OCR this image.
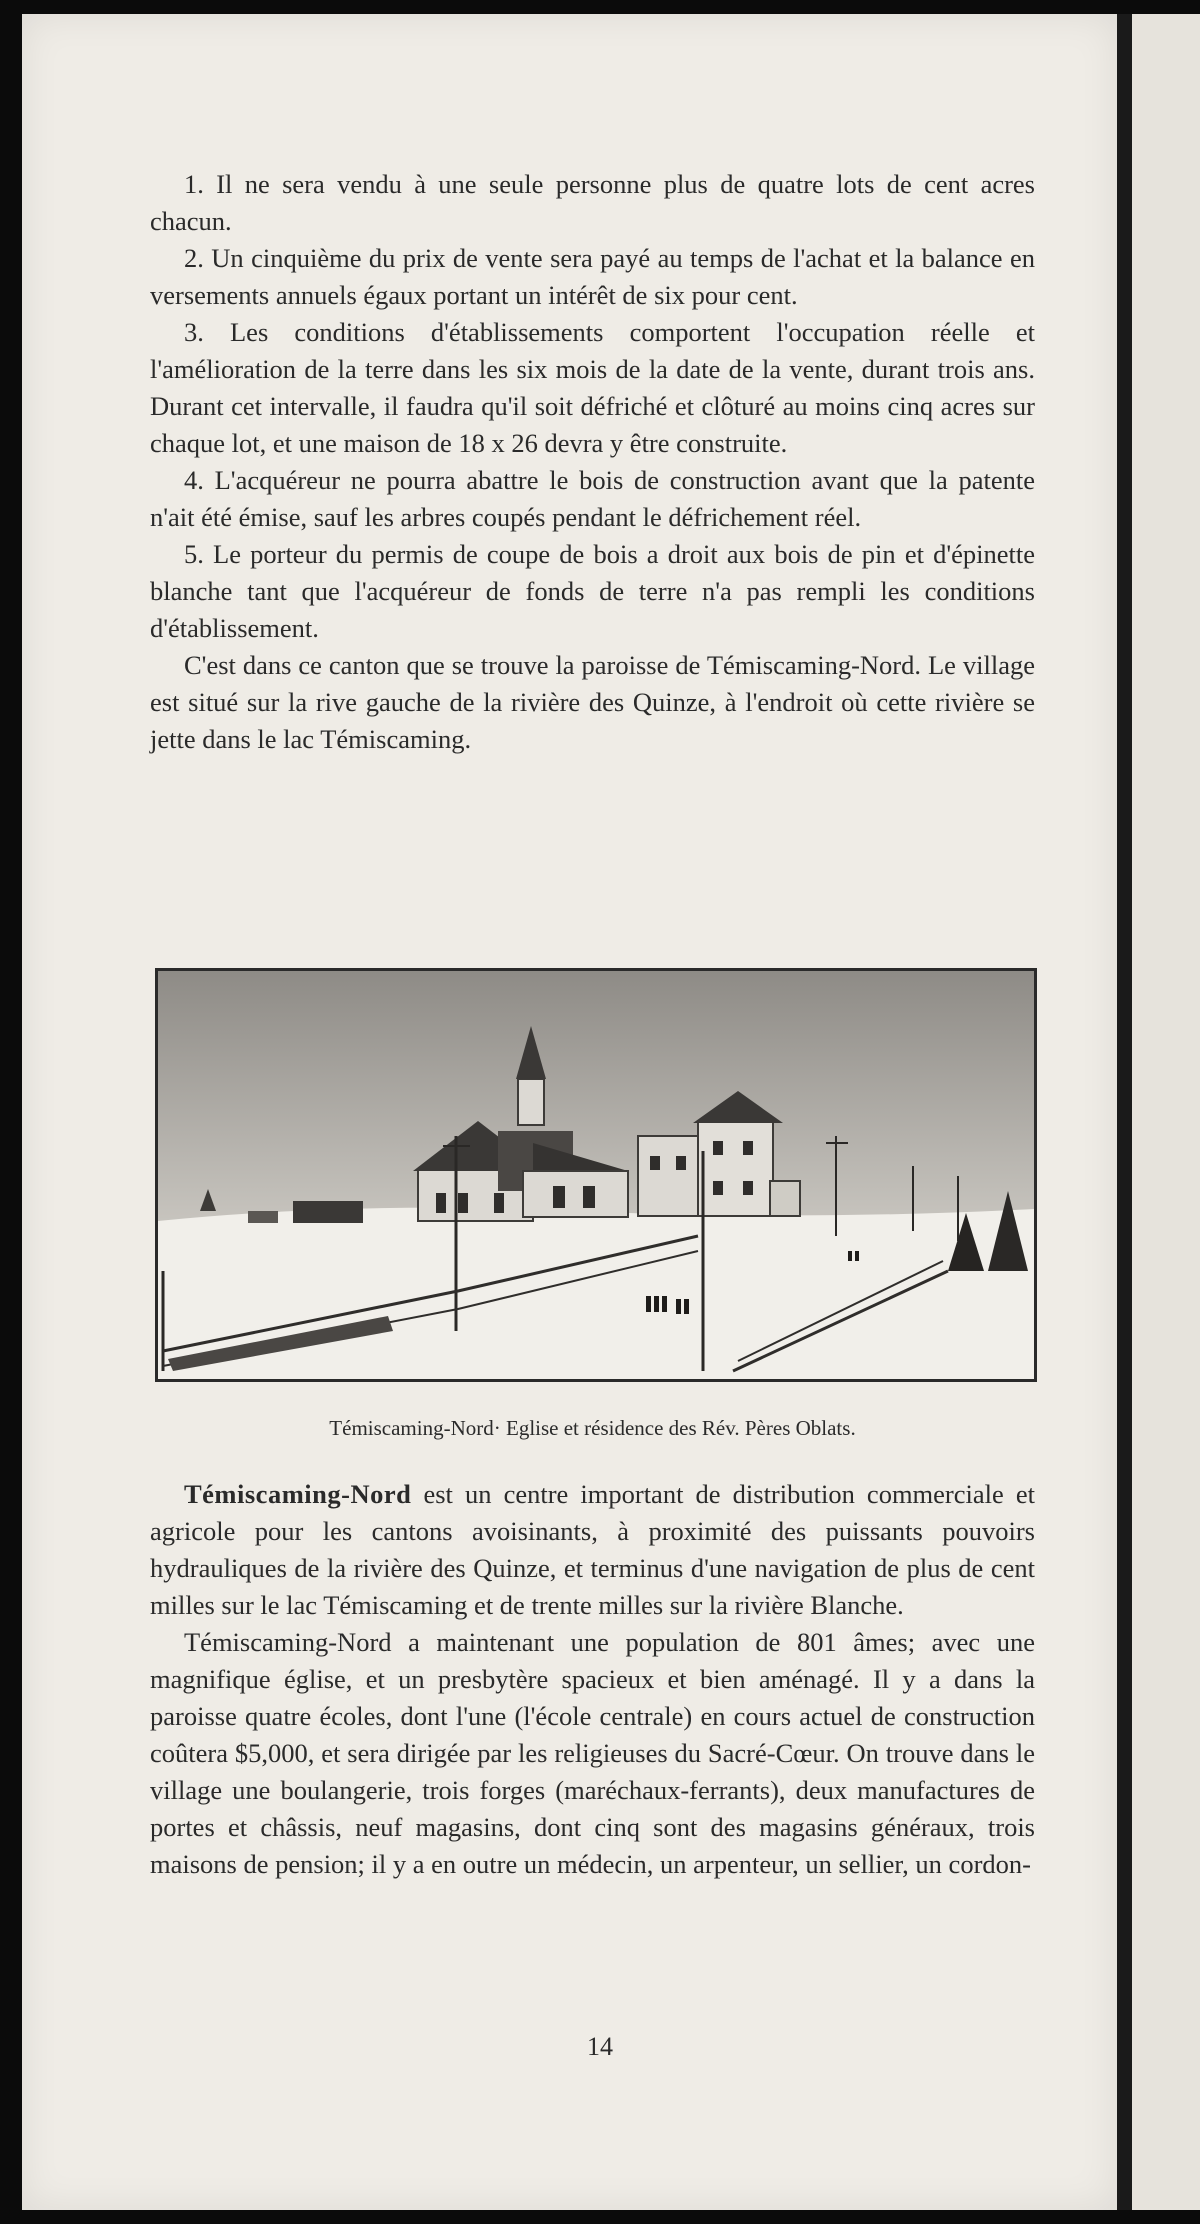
1. Il ne sera vendu à une seule personne plus de quatre lots de cent acres chacun.

2. Un cinquième du prix de vente sera payé au temps de l'achat et la balance en versements annuels égaux portant un intérêt de six pour cent.

3. Les conditions d'établissements comportent l'occupation réelle et l'amélioration de la terre dans les six mois de la date de la vente, durant trois ans. Durant cet intervalle, il faudra qu'il soit défriché et clôturé au moins cinq acres sur chaque lot, et une maison de 18 x 26 devra y être construite.

4. L'acquéreur ne pourra abattre le bois de construction avant que la patente n'ait été émise, sauf les arbres coupés pendant le défrichement réel.

5. Le porteur du permis de coupe de bois a droit aux bois de pin et d'épinette blanche tant que l'acquéreur de fonds de terre n'a pas rempli les conditions d'établissement.

C'est dans ce canton que se trouve la paroisse de Témiscaming-Nord. Le village est situé sur la rive gauche de la rivière des Quinze, à l'endroit où cette rivière se jette dans le lac Témiscaming.

Témiscaming-Nord· Eglise et résidence des Rév. Pères Oblats.

Témiscaming-Nord est un centre important de distribution commerciale et agricole pour les cantons avoisinants, à proximité des puissants pouvoirs hydrauliques de la rivière des Quinze, et terminus d'une navigation de plus de cent milles sur le lac Témiscaming et de trente milles sur la rivière Blanche.

Témiscaming-Nord a maintenant une population de 801 âmes; avec une magnifique église, et un presbytère spacieux et bien aménagé. Il y a dans la paroisse quatre écoles, dont l'une (l'école centrale) en cours actuel de construction coûtera $5,000, et sera dirigée par les religieuses du Sacré-Cœur. On trouve dans le village une boulangerie, trois forges (maréchaux-ferrants), deux manufactures de portes et châssis, neuf magasins, dont cinq sont des magasins généraux, trois maisons de pension; il y a en outre un médecin, un arpenteur, un sellier, un cordon-

14
